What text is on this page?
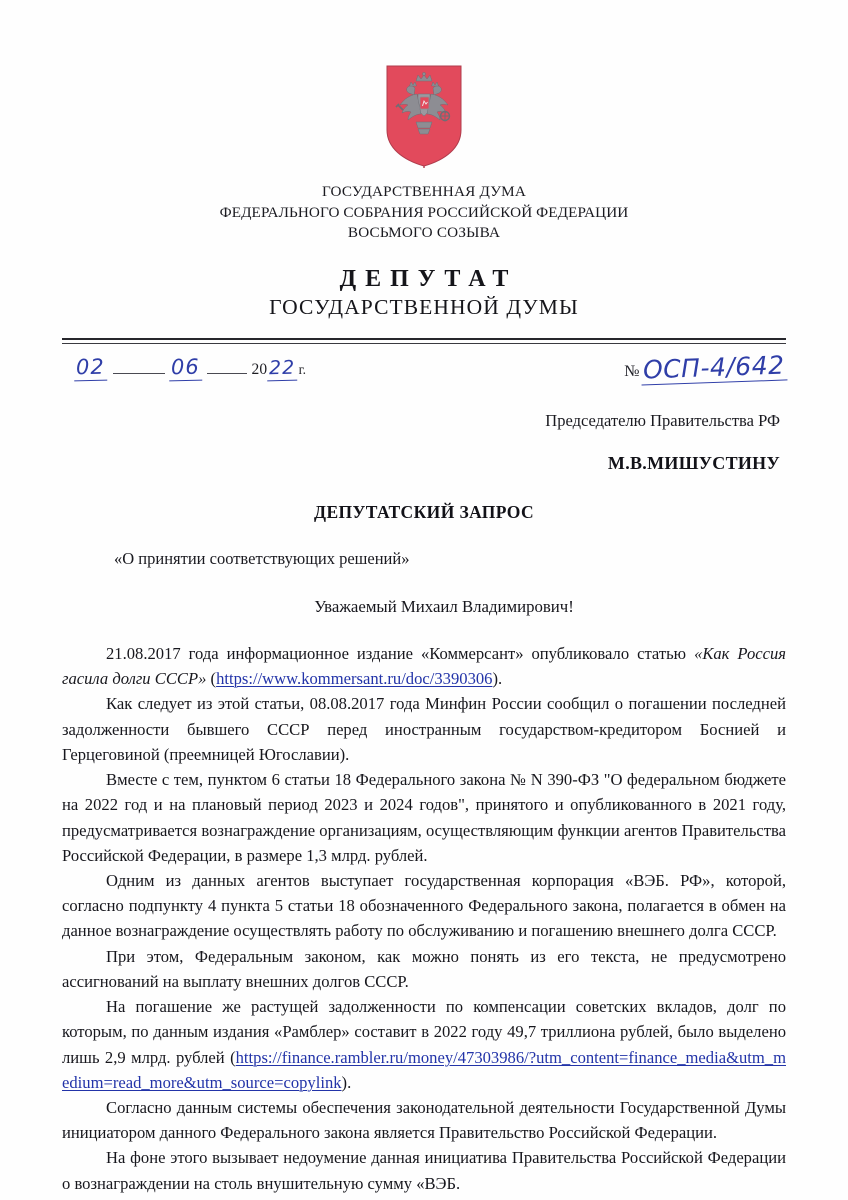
ГОСУДАРСТВЕННАЯ ДУМА
ФЕДЕРАЛЬНОГО СОБРАНИЯ РОССИЙСКОЙ ФЕДЕРАЦИИ
ВОСЬМОГО СОЗЫВА
ДЕПУТАТ
ГОСУДАРСТВЕННОЙ ДУМЫ
02	06	20 22 г.	№ ОСП-4/642
Председателю Правительства РФ
М.В.МИШУСТИНУ
ДЕПУТАТСКИЙ ЗАПРОС
«О принятии соответствующих решений»
Уважаемый Михаил Владимирович!

21.08.2017 года информационное издание «Коммерсант» опубликовало статью «Как Россия гасила долги СССР» (https://www.kommersant.ru/doc/3390306).

Как следует из этой статьи, 08.08.2017 года Минфин России сообщил о погашении последней задолженности бывшего СССР перед иностранным государством-кредитором Боснией и Герцеговиной (преемницей Югославии).

Вместе с тем, пунктом 6 статьи 18 Федерального закона № N 390-ФЗ "О федеральном бюджете на 2022 год и на плановый период 2023 и 2024 годов", принятого и опубликованного в 2021 году, предусматривается вознаграждение организациям, осуществляющим функции агентов Правительства Российской Федерации, в размере 1,3 млрд. рублей.

Одним из данных агентов выступает государственная корпорация «ВЭБ. РФ», которой, согласно подпункту 4 пункта 5 статьи 18 обозначенного Федерального закона, полагается в обмен на данное вознаграждение осуществлять работу по обслуживанию и погашению внешнего долга СССР.

При этом, Федеральным законом, как можно понять из его текста, не предусмотрено ассигнований на выплату внешних долгов СССР.

На погашение же растущей задолженности по компенсации советских вкладов, долг по которым, по данным издания «Рамблер» составит в 2022 году 49,7 триллиона рублей, было выделено лишь 2,9 млрд. рублей (https://finance.rambler.ru/money/47303986/?utm_content=finance_media&utm_medium=read_more&utm_source=copylink).

Согласно данным системы обеспечения законодательной деятельности Государственной Думы инициатором данного Федерального закона является Правительство Российской Федерации.

На фоне этого вызывает недоумение данная инициатива Правительства Российской Федерации о вознаграждении на столь внушительную сумму «ВЭБ.
